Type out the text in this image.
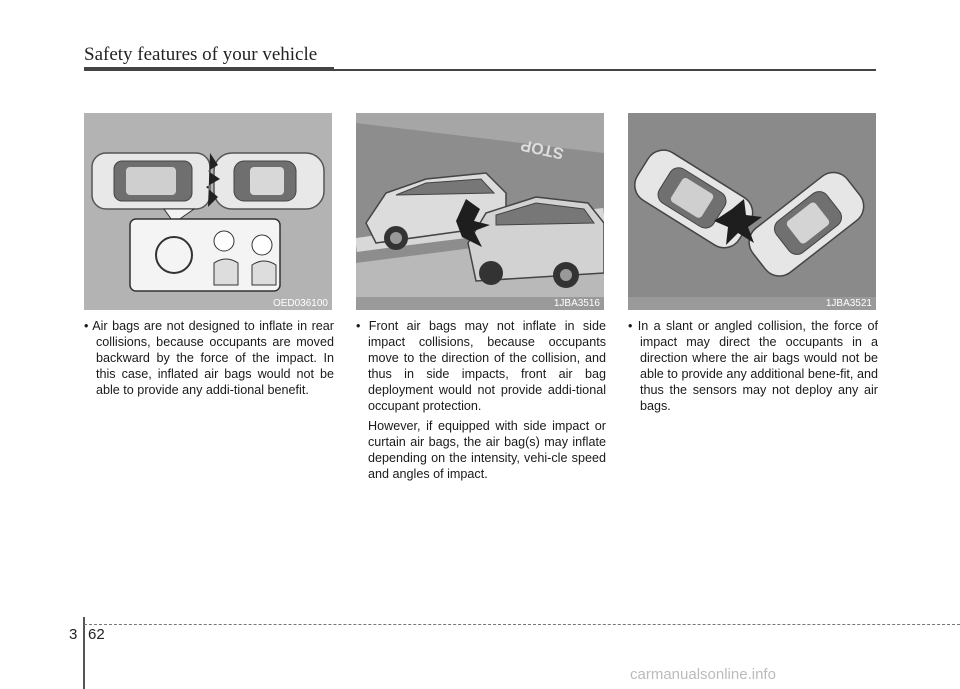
Safety features of your vehicle
OED036100
STOP
1JBA3516	1JBA3521

• Air bags are not designed to inflate in rear collisions, because occupants are moved backward by the force of the impact. In this case, inflated air bags would not be able to provide any addi-tional benefit.

• Front air bags may not inflate in side impact collisions, because occupants move to the direction of the collision, and thus in side impacts, front air bag deployment would not provide addi-tional occupant protection.

However, if equipped with side impact or curtain air bags, the air bag(s) may inflate depending on the intensity, vehi-cle speed and angles of impact.

• In a slant or angled collision, the force of impact may direct the occupants in a direction where the air bags would not be able to provide any additional bene-fit, and thus the sensors may not deploy any air bags.

3 62
carmanualsonline.info
